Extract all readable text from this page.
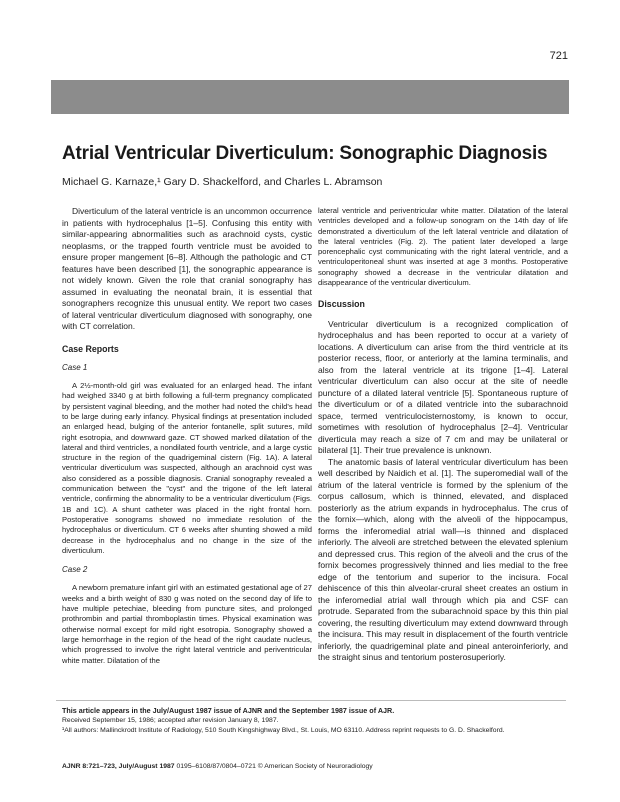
721
Atrial Ventricular Diverticulum: Sonographic Diagnosis
Michael G. Karnaze,¹ Gary D. Shackelford, and Charles L. Abramson

Diverticulum of the lateral ventricle is an uncommon occurrence in patients with hydrocephalus [1–5]. Confusing this entity with similar-appearing abnormalities such as arachnoid cysts, cystic neoplasms, or the trapped fourth ventricle must be avoided to ensure proper mangement [6–8]. Although the pathologic and CT features have been described [1], the sonographic appearance is not widely known. Given the role that cranial sonography has assumed in evaluating the neonatal brain, it is essential that sonographers recognize this unusual entity. We report two cases of lateral ventricular diverticulum diagnosed with sonography, one with CT correlation.

Case Reports
Case 1

A 2½-month-old girl was evaluated for an enlarged head. The infant had weighed 3340 g at birth following a full-term pregnancy complicated by persistent vaginal bleeding, and the mother had noted the child's head to be large during early infancy. Physical findings at presentation included an enlarged head, bulging of the anterior fontanelle, split sutures, mild right esotropia, and downward gaze. CT showed marked dilatation of the lateral and third ventricles, a nondilated fourth ventricle, and a large cystic structure in the region of the quadrigeminal cistern (Fig. 1A). A lateral ventricular diverticulum was suspected, although an arachnoid cyst was also considered as a possible diagnosis. Cranial sonography revealed a communication between the "cyst" and the trigone of the left lateral ventricle, confirming the abnormality to be a ventricular diverticulum (Figs. 1B and 1C). A shunt catheter was placed in the right frontal horn. Postoperative sonograms showed no immediate resolution of the hydrocephalus or diverticulum. CT 6 weeks after shunting showed a mild decrease in the hydrocephalus and no change in the size of the diverticulum.

Case 2

A newborn premature infant girl with an estimated gestational age of 27 weeks and a birth weight of 830 g was noted on the second day of life to have multiple petechiae, bleeding from puncture sites, and prolonged prothrombin and partial thromboplastin times. Physical examination was otherwise normal except for mild right esotropia. Sonography showed a large hemorrhage in the region of the head of the right caudate nucleus, which progressed to involve the right lateral ventricle and periventricular white matter. Dilatation of the

lateral ventricle and periventricular white matter. Dilatation of the lateral ventricles developed and a follow-up sonogram on the 14th day of life demonstrated a diverticulum of the left lateral ventricle and dilatation of the lateral ventricles (Fig. 2). The patient later developed a large porencephalic cyst communicating with the right lateral ventricle, and a ventriculoperitoneal shunt was inserted at age 3 months. Postoperative sonography showed a decrease in the ventricular dilatation and disappearance of the ventricular diverticulum.

Discussion

Ventricular diverticulum is a recognized complication of hydrocephalus and has been reported to occur at a variety of locations. A diverticulum can arise from the third ventricle at its posterior recess, floor, or anteriorly at the lamina terminalis, and also from the lateral ventricle at its trigone [1–4]. Lateral ventricular diverticulum can also occur at the site of needle puncture of a dilated lateral ventricle [5]. Spontaneous rupture of the diverticulum or of a dilated ventricle into the subarachnoid space, termed ventriculocisternostomy, is known to occur, sometimes with resolution of hydrocephalus [2–4]. Ventricular diverticula may reach a size of 7 cm and may be unilateral or bilateral [1]. Their true prevalence is unknown.

The anatomic basis of lateral ventricular diverticulum has been well described by Naidich et al. [1]. The superomedial wall of the atrium of the lateral ventricle is formed by the splenium of the corpus callosum, which is thinned, elevated, and displaced posteriorly as the atrium expands in hydrocephalus. The crus of the fornix—which, along with the alveoli of the hippocampus, forms the inferomedial atrial wall—is thinned and displaced inferiorly. The alveoli are stretched between the elevated splenium and depressed crus. This region of the alveoli and the crus of the fornix becomes progressively thinned and lies medial to the free edge of the tentorium and superior to the incisura. Focal dehiscence of this thin alveolar-crural sheet creates an ostium in the inferomedial atrial wall through which pia and CSF can protrude. Separated from the subarachnoid space by this thin pial covering, the resulting diverticulum may extend downward through the incisura. This may result in displacement of the fourth ventricle inferiorly, the quadrigeminal plate and pineal anteroinferiorly, and the straight sinus and tentorium posterosuperiorly.

This article appears in the July/August 1987 issue of AJNR and the September 1987 issue of AJR.
Received September 15, 1986; accepted after revision January 8, 1987.
¹All authors: Mallinckrodt Institute of Radiology, 510 South Kingshighway Blvd., St. Louis, MO 63110. Address reprint requests to G. D. Shackelford.
AJNR 8:721–723, July/August 1987 0195–6108/87/0804–0721 © American Society of Neuroradiology
